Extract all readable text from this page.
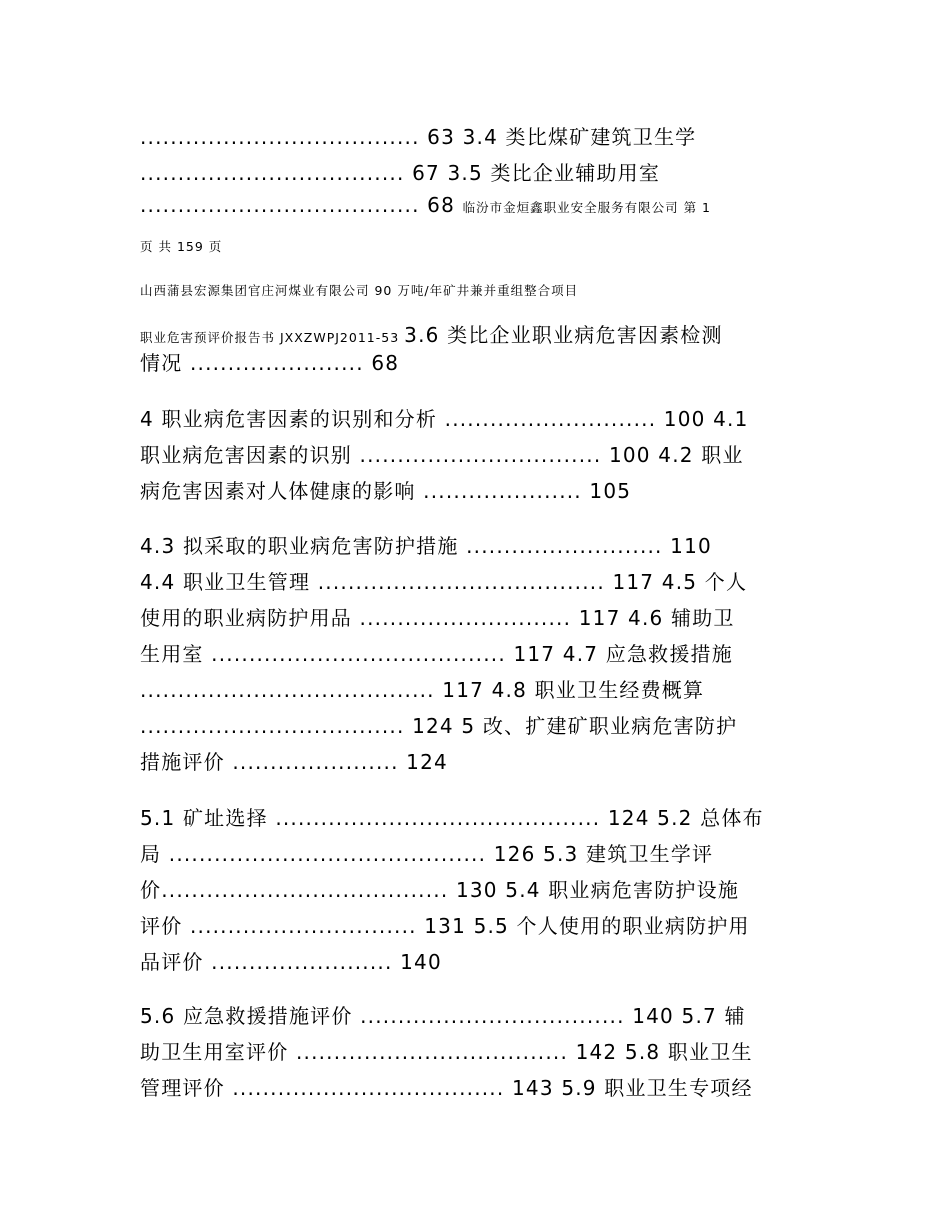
..................................... 63 3.4 类比煤矿建筑卫生学
................................... 67 3.5 类比企业辅助用室
..................................... 68 临汾市金烜鑫职业安全服务有限公司 第 1
页 共 159 页
山西蒲县宏源集团官庄河煤业有限公司 90 万吨/年矿井兼并重组整合项目
职业危害预评价报告书 JXXZWPJ2011-53 3.6 类比企业职业病危害因素检测
情况 ....................... 68
4 职业病危害因素的识别和分析 ............................ 100 4.1
职业病危害因素的识别 ................................ 100 4.2 职业
病危害因素对人体健康的影响 ..................... 105
4.3 拟采取的职业病危害防护措施 .......................... 110
4.4 职业卫生管理 ...................................... 117 4.5 个人
使用的职业病防护用品 ............................ 117 4.6 辅助卫
生用室 ....................................... 117 4.7 应急救援措施
....................................... 117 4.8 职业卫生经费概算
................................... 124 5 改、扩建矿职业病危害防护
措施评价 ...................... 124
5.1 矿址选择 ........................................... 124 5.2 总体布
局 .......................................... 126 5.3 建筑卫生学评
价...................................... 130 5.4 职业病危害防护设施
评价 .............................. 131 5.5 个人使用的职业病防护用
品评价 ........................ 140
5.6 应急救援措施评价 ................................... 140 5.7 辅
助卫生用室评价 .................................... 142 5.8 职业卫生
管理评价 .................................... 143 5.9 职业卫生专项经
